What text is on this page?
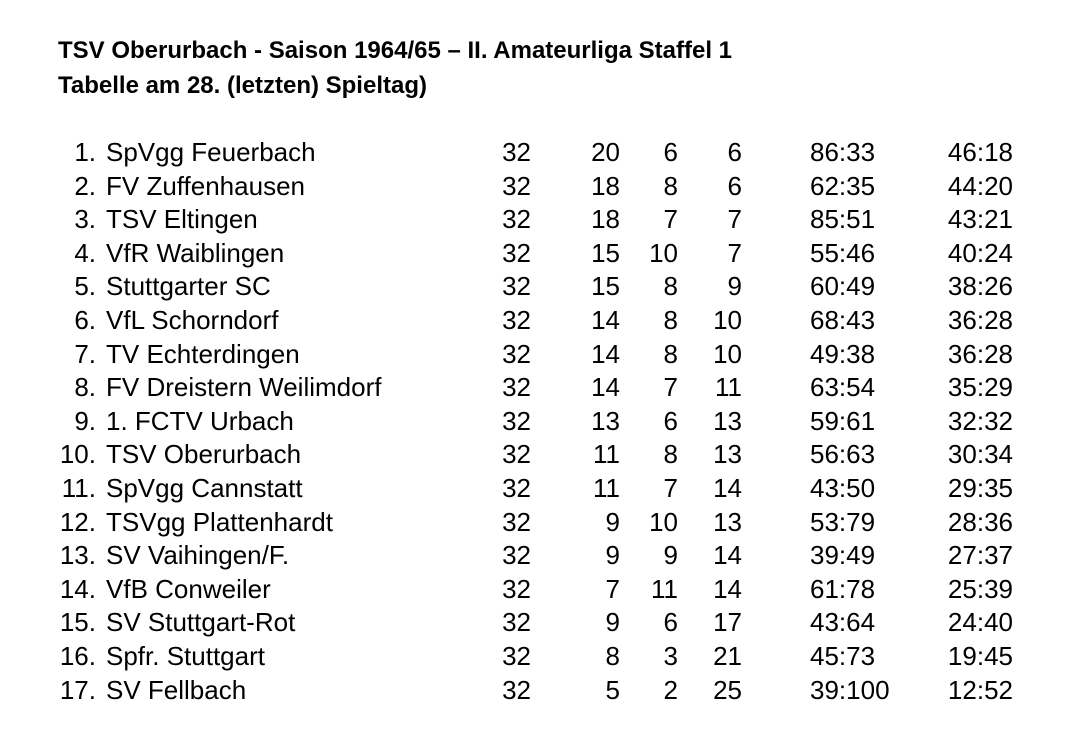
TSV Oberurbach - Saison 1964/65 – II. Amateurliga Staffel 1
Tabelle am 28. (letzten) Spieltag)
1. SpVgg Feuerbach	32 20 6 6	86:33	46:18
2. FV Zuffenhausen	32 18 8 6	62:35	44:20
3. TSV Eltingen	32 18 7 7	85:51	43:21
4. VfR Waiblingen	32 15 10 7	55:46	40:24
5. Stuttgarter SC	32 15 8 9	60:49	38:26
6. VfL Schorndorf	32 14 8 10	68:43	36:28
7. TV Echterdingen	32 14 8 10	49:38	36:28
8. FV Dreistern Weilimdorf	32 14 7 11	63:54	35:29
9. 1. FCTV Urbach	32 13 6 13	59:61	32:32
10. TSV Oberurbach	32 11 8 13	56:63	30:34
11. SpVgg Cannstatt	32 11 7 14	43:50	29:35
12. TSVgg Plattenhardt	32	9 10 13	53:79	28:36
13. SV Vaihingen/F.	32	9 9 14	39:49	27:37
14. VfB Conweiler	32	7 11 14	61:78	25:39
15. SV Stuttgart-Rot	32	9 6 17	43:64	24:40
16. Spfr. Stuttgart	32	8 3 21	45:73	19:45
17. SV Fellbach	32	5 2 25	39:100 12:52
